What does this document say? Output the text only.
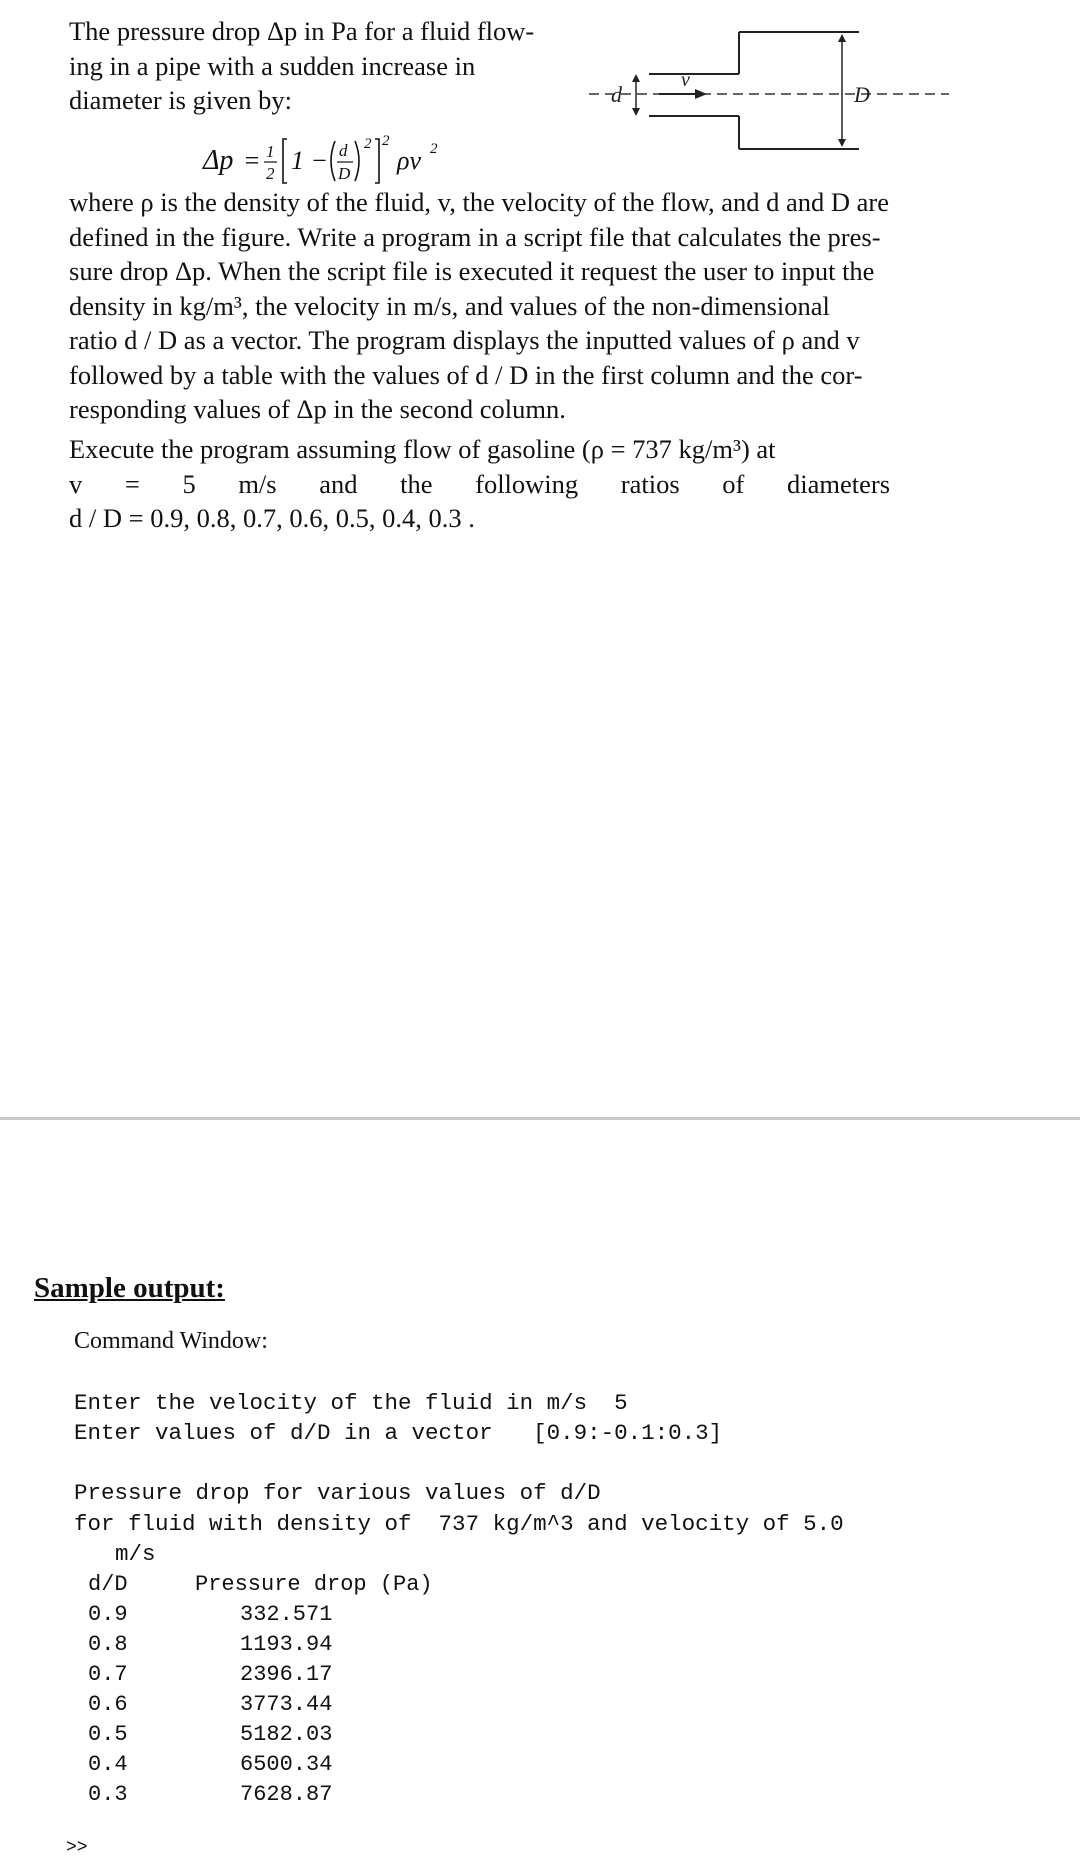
The pressure drop Δp in Pa for a fluid flow-
ing in a pipe with a sudden increase in
diameter is given by:	d
v
D
Δp = 1
2 1 − d
D
2 2
ρv 2
where ρ is the density of the fluid, v, the velocity of the flow, and d and D are
defined in the figure. Write a program in a script file that calculates the pres-
sure drop Δp. When the script file is executed it request the user to input the
density in kg/m³, the velocity in m/s, and values of the non-dimensional
ratio d / D as a vector. The program displays the inputted values of ρ and v
followed by a table with the values of d / D in the first column and the cor-
responding values of Δp in the second column.
Execute the program assuming flow of gasoline (ρ = 737 kg/m³) at
v = 5 m/s and the following ratios of diameters
d / D = 0.9, 0.8, 0.7, 0.6, 0.5, 0.4, 0.3 .
Sample output:
Command Window:
Enter the velocity of the fluid in m/s  5
Enter values of d/D in a vector   [0.9:-0.1:0.3]
Pressure drop for various values of d/D
for fluid with density of  737 kg/m^3 and velocity of 5.0
m/s
d/D	Pressure drop (Pa)
0.9	332.571
0.8	1193.94
0.7	2396.17
0.6	3773.44
0.5	5182.03
0.4	6500.34
0.3	7628.87
>>
